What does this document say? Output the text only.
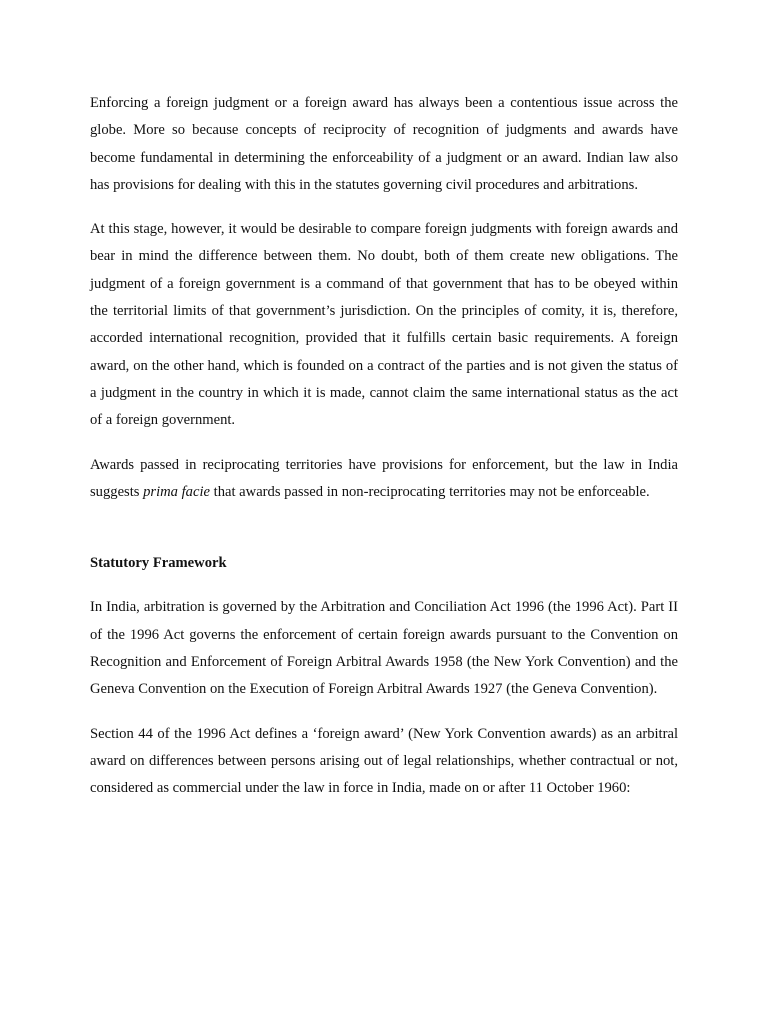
Enforcing a foreign judgment or a foreign award has always been a contentious issue across the globe. More so because concepts of reciprocity of recognition of judgments and awards have become fundamental in determining the enforceability of a judgment or an award. Indian law also has provisions for dealing with this in the statutes governing civil procedures and arbitrations.

At this stage, however, it would be desirable to compare foreign judgments with foreign awards and bear in mind the difference between them. No doubt, both of them create new obligations. The judgment of a foreign government is a command of that government that has to be obeyed within the territorial limits of that government’s jurisdiction. On the principles of comity, it is, therefore, accorded international recognition, provided that it fulfills certain basic requirements. A foreign award, on the other hand, which is founded on a contract of the parties and is not given the status of a judgment in the country in which it is made, cannot claim the same international status as the act of a foreign government.

Awards passed in reciprocating territories have provisions for enforcement, but the law in India suggests prima facie that awards passed in non-reciprocating territories may not be enforceable.

Statutory Framework

In India, arbitration is governed by the Arbitration and Conciliation Act 1996 (the 1996 Act). Part II of the 1996 Act governs the enforcement of certain foreign awards pursuant to the Convention on Recognition and Enforcement of Foreign Arbitral Awards 1958 (the New York Convention) and the Geneva Convention on the Execution of Foreign Arbitral Awards 1927 (the Geneva Convention).

Section 44 of the 1996 Act defines a ‘foreign award’ (New York Convention awards) as an arbitral award on differences between persons arising out of legal relationships, whether contractual or not, considered as commercial under the law in force in India, made on or after 11 October 1960:
